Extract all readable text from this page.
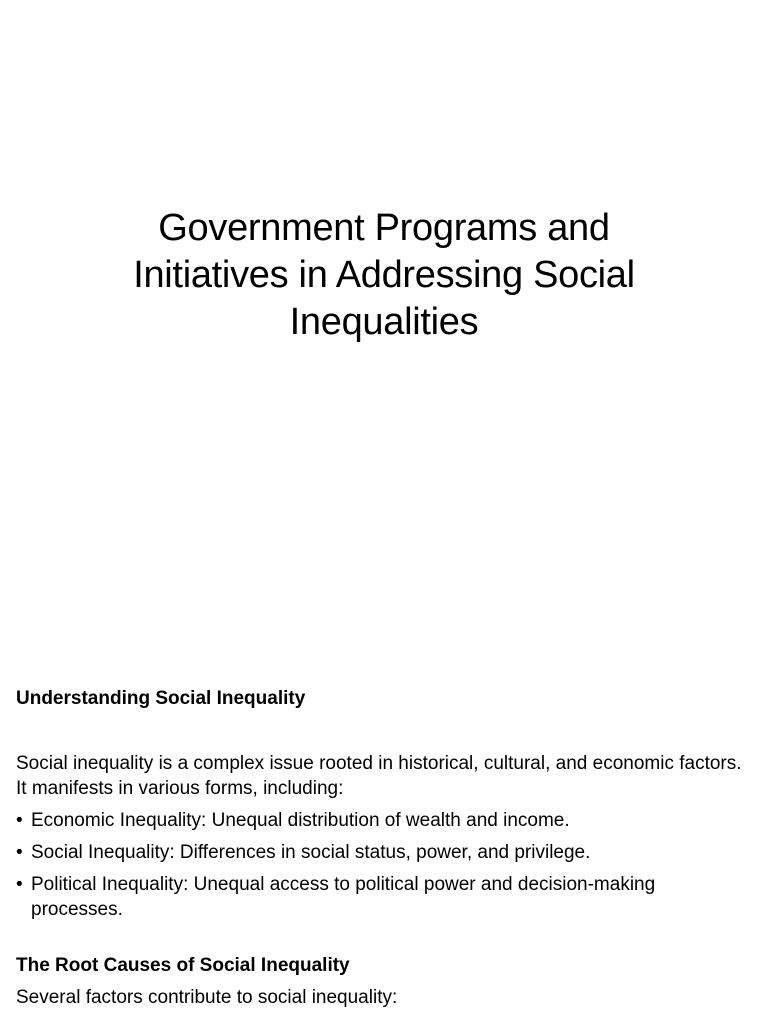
Government Programs and
Initiatives in Addressing Social
Inequalities

Understanding Social Inequality

Social inequality is a complex issue rooted in historical, cultural, and economic factors. It manifests in various forms, including:

• Economic Inequality: Unequal distribution of wealth and income.
• Social Inequality: Differences in social status, power, and privilege.
• Political Inequality: Unequal access to political power and decision-making processes.

The Root Causes of Social Inequality

Several factors contribute to social inequality:
